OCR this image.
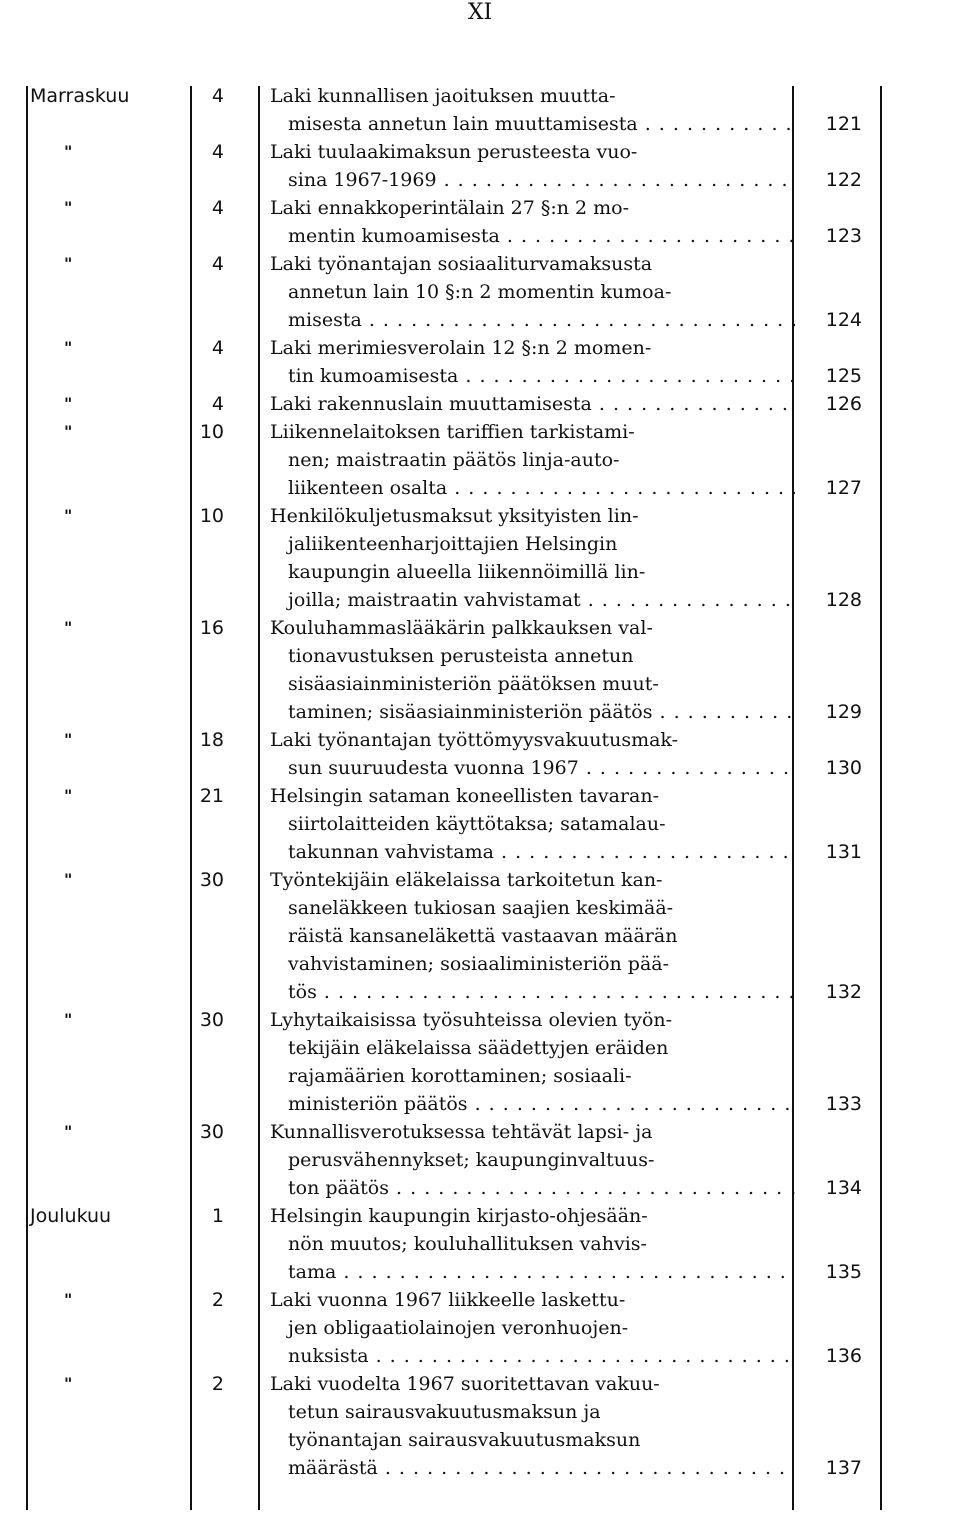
XI
Marraskuu	4 Laki kunnallisen jaoituksen muutta-
misesta annetun lain muuttamisesta . . .	121
"	4 Laki tuulaakimaksun perusteesta vuo-
sina 1967-1969 . . .	122
"	4 Laki ennakkoperintälain 27 §:n 2 mo-
mentin kumoamisesta . . .	123
"	4 Laki työnantajan sosiaaliturvamaksusta
annetun lain 10 §:n 2 momentin kumoa-
misesta . . .	124
"	4 Laki merimiesverolain 12 §:n 2 momen-
tin kumoamisesta . . .	125
"	4 Laki rakennuslain muuttamisesta . . .	126
"	10 Liikennelaitoksen tariffien tarkistami-
nen; maistraatin päätös linja-auto-
liikenteen osalta . . .	127
"	10 Henkilökuljetusmaksut yksityisten lin-
jaliikenteenharjoittajien Helsingin
kaupungin alueella liikennöimillä lin-
joilla; maistraatin vahvistamat . . .	128
"	16 Kouluhammaslääkärin palkkauksen val-
tionavustuksen perusteista annetun
sisäasiainministeriön päätöksen muut-
taminen; sisäasiainministeriön päätös . . .	129
"	18 Laki työnantajan työttömyysvakuutusmak-
sun suuruudesta vuonna 1967 . . .	130
"	21 Helsingin sataman koneellisten tavaran-
siirtolaitteiden käyttötaksa; satamalau-
takunnan vahvistama . . .	131
"	30 Työntekijäin eläkelaissa tarkoitetun kan-
saneläkkeen tukiosan saajien keskimää-
räistä kansaneläkettä vastaavan määrän
vahvistaminen; sosiaaliministeriön pää-
tös . . .	132
"	30 Lyhytaikaisissa työsuhteissa olevien työn-
tekijäin eläkelaissa säädettyjen eräiden
rajamäärien korottaminen; sosiaali-
ministeriön päätös . . .	133
"	30 Kunnallisverotuksessa tehtävät lapsi- ja
perusvähennykset; kaupunginvaltuus-
ton päätös . . .	134
Joulukuu	1 Helsingin kaupungin kirjasto-ohjesään-
nön muutos; kouluhallituksen vahvis-
tama . . .	135
"	2 Laki vuonna 1967 liikkeelle laskettu-
jen obligaatiolainojen veronhuojen-
nuksista . . .	136
"	2 Laki vuodelta 1967 suoritettavan vakuu-
tetun sairausvakuutusmaksun ja
työnantajan sairausvakuutusmaksun
määrästä . . .	137
